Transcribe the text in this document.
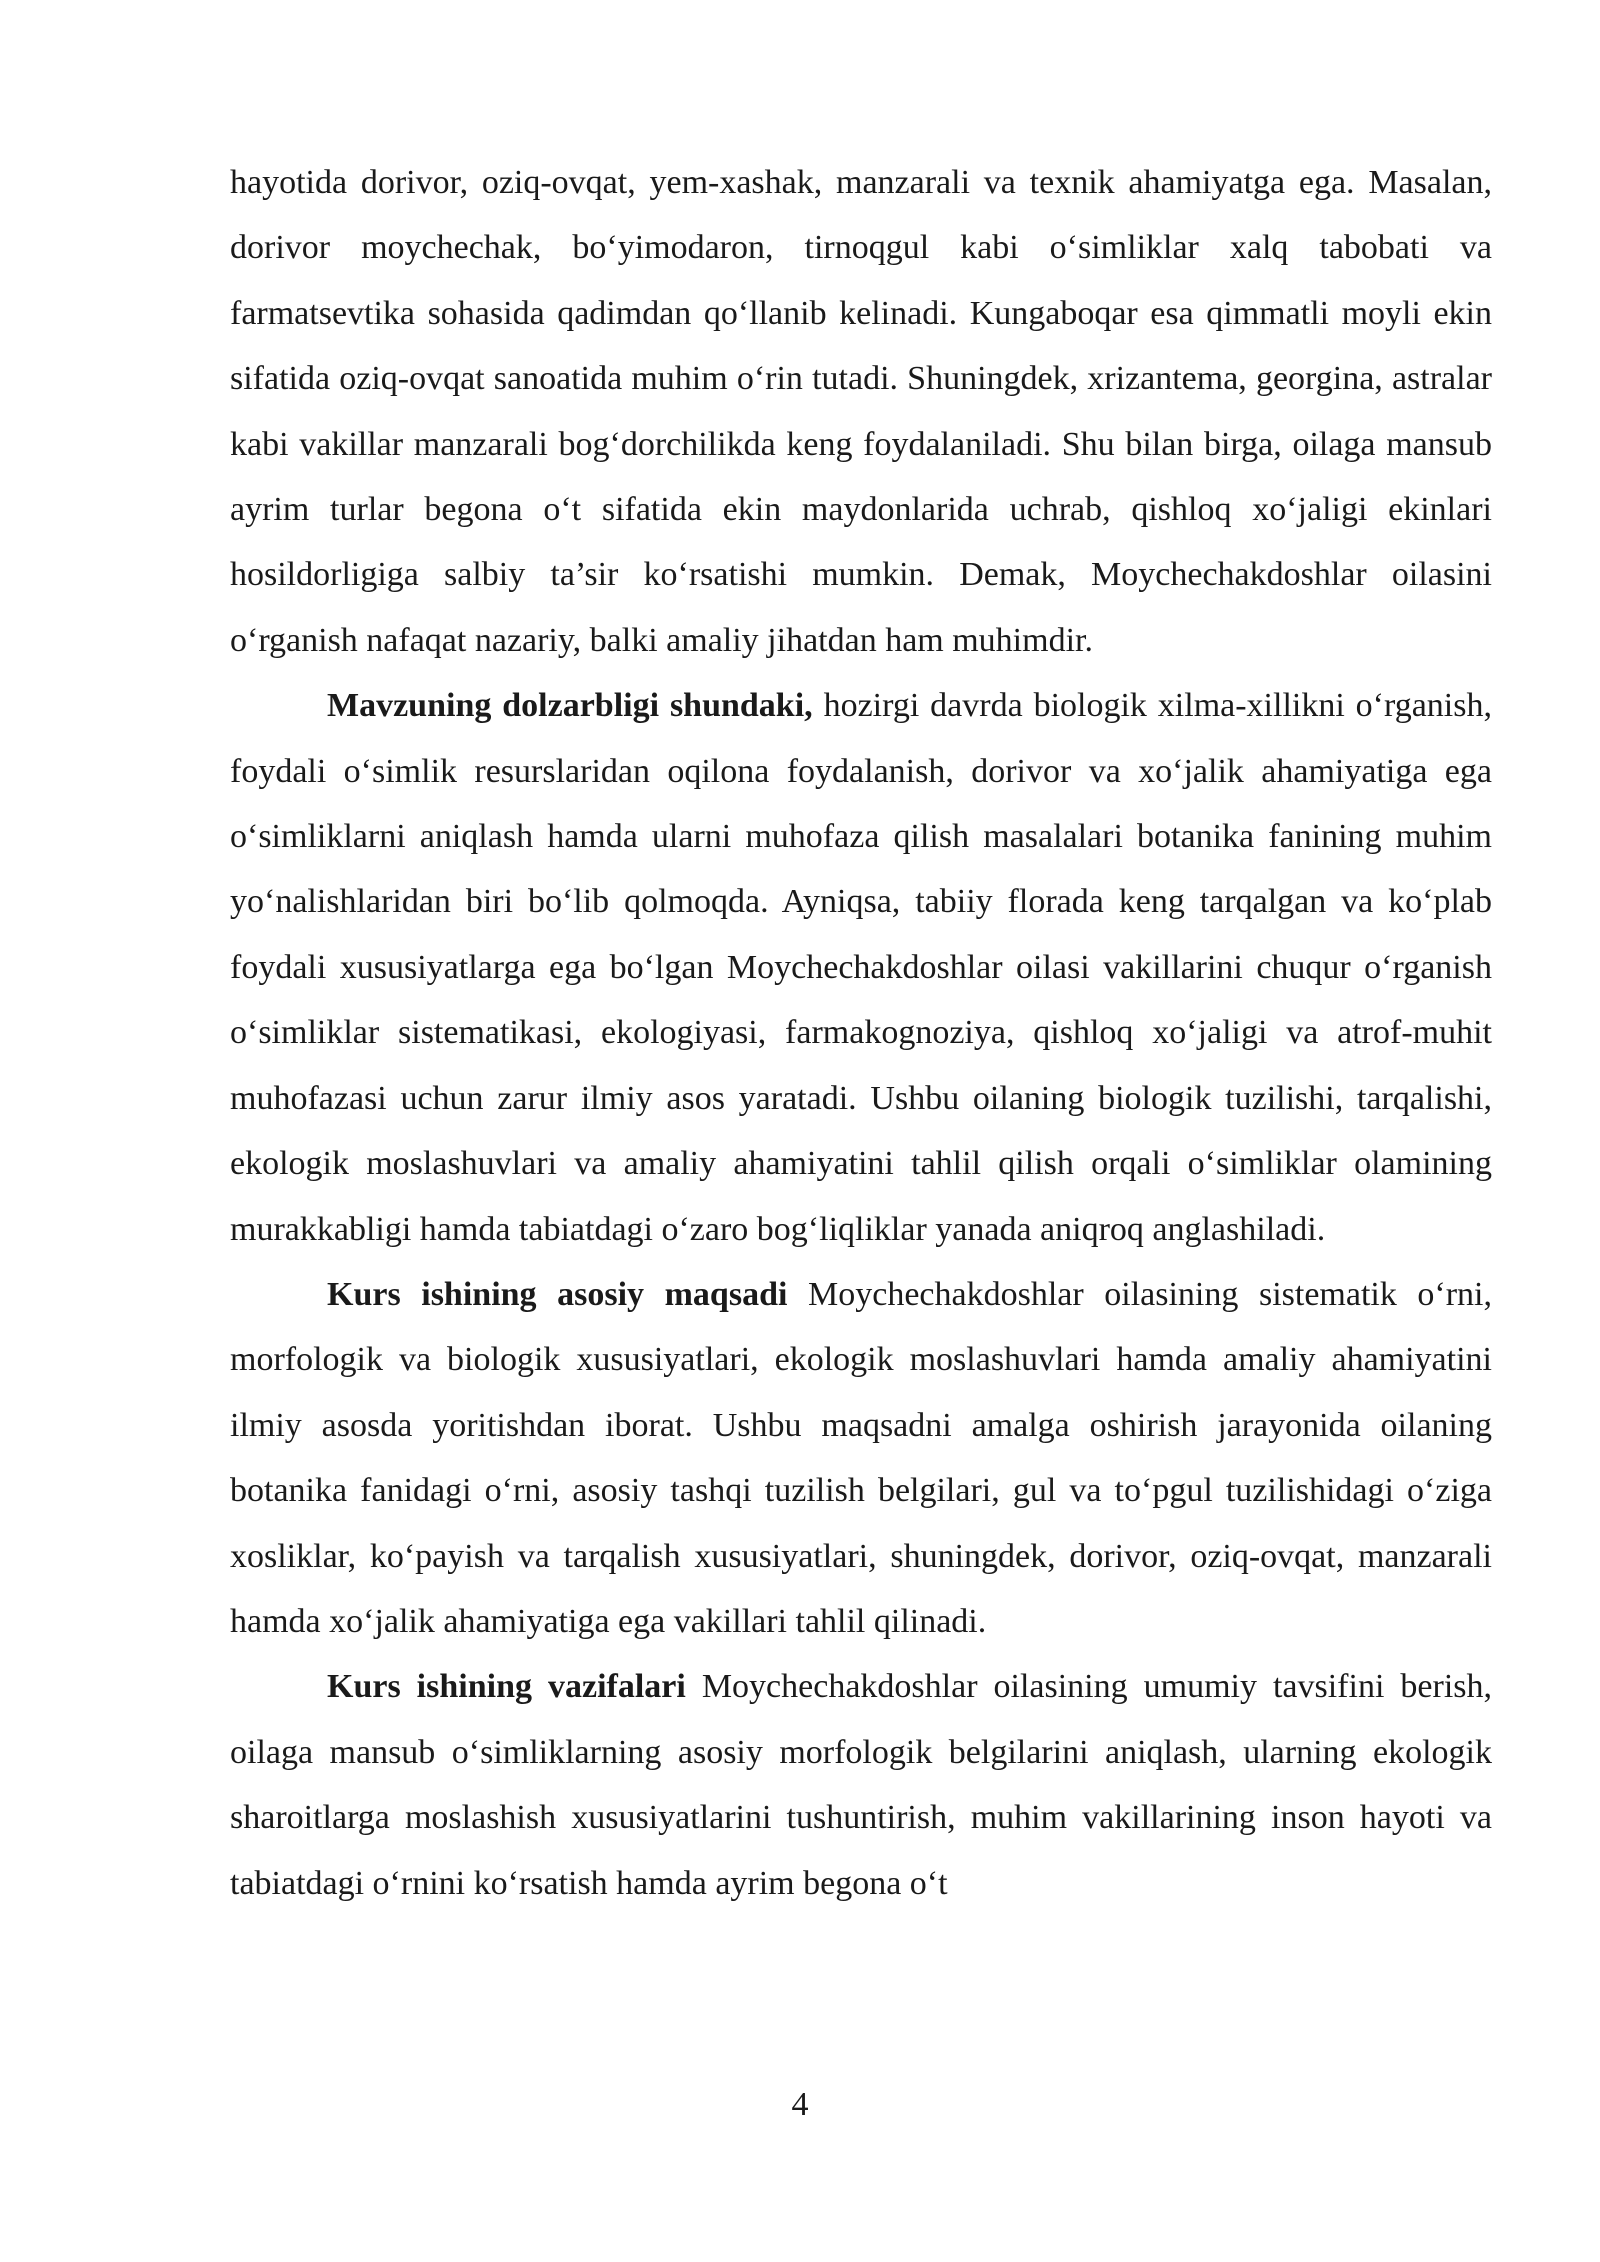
hayotida dorivor, oziq-ovqat, yem-xashak, manzarali va texnik ahamiyatga ega. Masalan, dorivor moychechak, bo‘yimodaron, tirnoqgul kabi o‘simliklar xalq tabobati va farmatsevtika sohasida qadimdan qo‘llanib kelinadi. Kungaboqar esa qimmatli moyli ekin sifatida oziq-ovqat sanoatida muhim o‘rin tutadi. Shuningdek, xrizantema, georgina, astralar kabi vakillar manzarali bog‘dorchilikda keng foydalaniladi. Shu bilan birga, oilaga mansub ayrim turlar begona o‘t sifatida ekin maydonlarida uchrab, qishloq xo‘jaligi ekinlari hosildorligiga salbiy ta’sir ko‘rsatishi mumkin. Demak, Moychechakdoshlar oilasini o‘rganish nafaqat nazariy, balki amaliy jihatdan ham muhimdir.

Mavzuning dolzarbligi shundaki, hozirgi davrda biologik xilma-xillikni o‘rganish, foydali o‘simlik resurslaridan oqilona foydalanish, dorivor va xo‘jalik ahamiyatiga ega o‘simliklarni aniqlash hamda ularni muhofaza qilish masalalari botanika fanining muhim yo‘nalishlaridan biri bo‘lib qolmoqda. Ayniqsa, tabiiy florada keng tarqalgan va ko‘plab foydali xususiyatlarga ega bo‘lgan Moychechakdoshlar oilasi vakillarini chuqur o‘rganish o‘simliklar sistematikasi, ekologiyasi, farmakognoziya, qishloq xo‘jaligi va atrof-muhit muhofazasi uchun zarur ilmiy asos yaratadi. Ushbu oilaning biologik tuzilishi, tarqalishi, ekologik moslashuvlari va amaliy ahamiyatini tahlil qilish orqali o‘simliklar olamining murakkabligi hamda tabiatdagi o‘zaro bog‘liqliklar yanada aniqroq anglashiladi.

Kurs ishining asosiy maqsadi Moychechakdoshlar oilasining sistematik o‘rni, morfologik va biologik xususiyatlari, ekologik moslashuvlari hamda amaliy ahamiyatini ilmiy asosda yoritishdan iborat. Ushbu maqsadni amalga oshirish jarayonida oilaning botanika fanidagi o‘rni, asosiy tashqi tuzilish belgilari, gul va to‘pgul tuzilishidagi o‘ziga xosliklar, ko‘payish va tarqalish xususiyatlari, shuningdek, dorivor, oziq-ovqat, manzarali hamda xo‘jalik ahamiyatiga ega vakillari tahlil qilinadi.

Kurs ishining vazifalari Moychechakdoshlar oilasining umumiy tavsifini berish, oilaga mansub o‘simliklarning asosiy morfologik belgilarini aniqlash, ularning ekologik sharoitlarga moslashish xususiyatlarini tushuntirish, muhim vakillarining inson hayoti va tabiatdagi o‘rnini ko‘rsatish hamda ayrim begona o‘t

4
